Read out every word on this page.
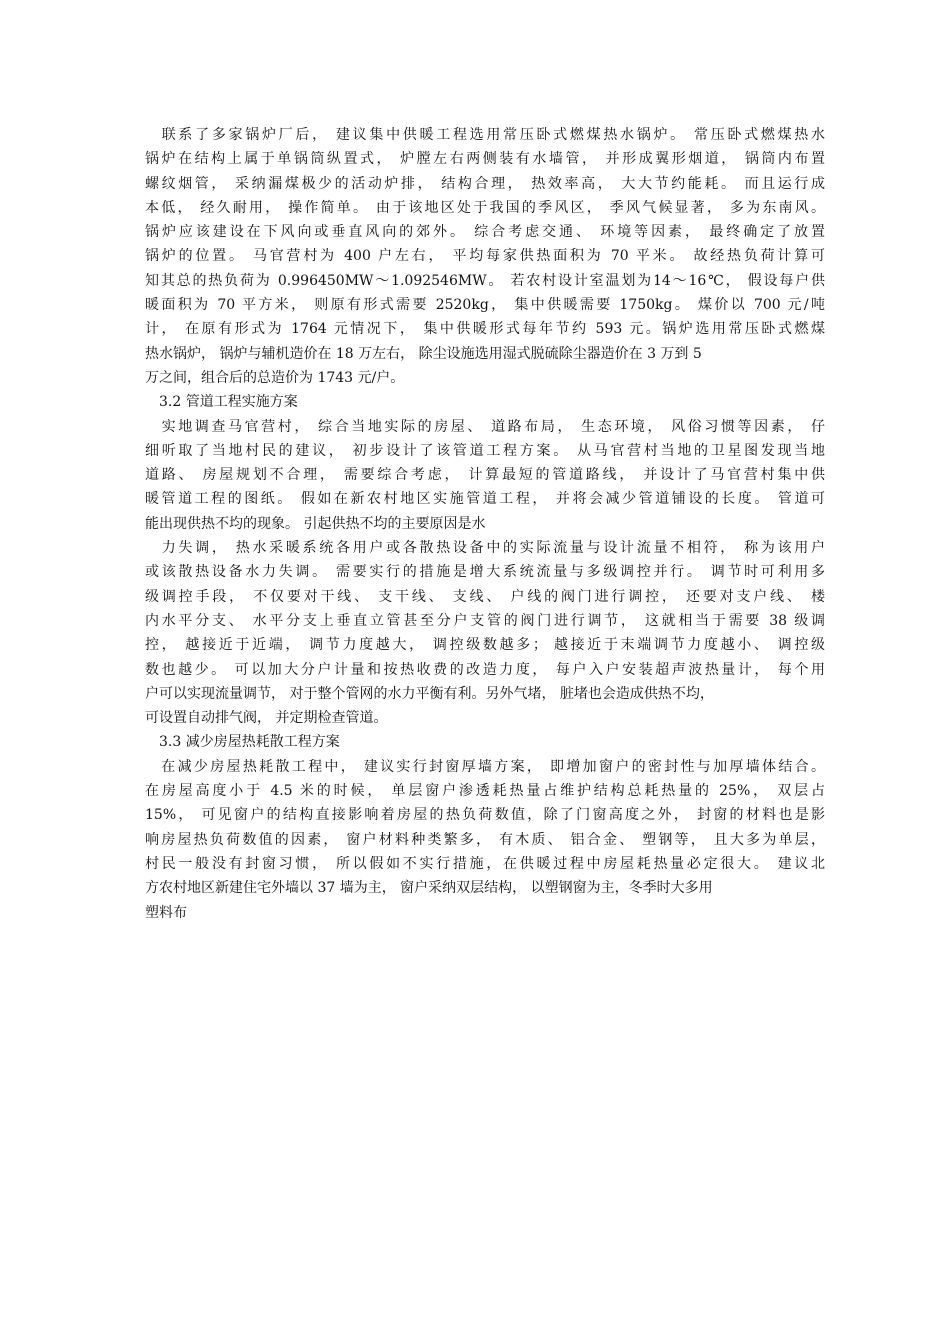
　联系了多家锅炉厂后， 建议集中供暖工程选用常压卧式燃煤热水锅炉。 常压卧式燃煤热水
锅炉在结构上属于单锅筒纵置式， 炉膛左右两侧装有水墙管， 并形成翼形烟道， 锅筒内布置
螺纹烟管， 采纳漏煤极少的活动炉排， 结构合理， 热效率高， 大大节约能耗。 而且运行成
本低， 经久耐用， 操作简单。 由于该地区处于我国的季风区， 季风气候显著， 多为东南风。
锅炉应该建设在下风向或垂直风向的郊外。 综合考虑交通、 环境等因素， 最终确定了放置
锅炉的位置。 马官营村为 400 户左右， 平均每家供热面积为 70 平米。 故经热负荷计算可
知其总的热负荷为 0.996450MW～1.092546MW。 若农村设计室温划为14～16℃， 假设每户供
暖面积为 70 平方米， 则原有形式需要 2520kg， 集中供暖需要 1750kg。 煤价以 700 元/吨
计， 在原有形式为 1764 元情况下， 集中供暖形式每年节约 593 元。锅炉选用常压卧式燃煤
热水锅炉， 锅炉与辅机造价在 18 万左右， 除尘设施选用湿式脱硫除尘器造价在 3 万到 5
万之间，组合后的总造价为 1743 元/户。
　3.2 管道工程实施方案
　实地调查马官营村， 综合当地实际的房屋、 道路布局， 生态环境， 风俗习惯等因素， 仔
细听取了当地村民的建议， 初步设计了该管道工程方案。 从马官营村当地的卫星图发现当地
道路、 房屋规划不合理， 需要综合考虑， 计算最短的管道路线， 并设计了马官营村集中供
暖管道工程的图纸。 假如在新农村地区实施管道工程， 并将会减少管道铺设的长度。 管道可
能出现供热不均的现象。 引起供热不均的主要原因是水
　力失调， 热水采暖系统各用户或各散热设备中的实际流量与设计流量不相符， 称为该用户
或该散热设备水力失调。 需要实行的措施是增大系统流量与多级调控并行。 调节时可利用多
级调控手段， 不仅要对干线、 支干线、 支线、 户线的阀门进行调控， 还要对支户线、 楼
内水平分支、 水平分支上垂直立管甚至分户支管的阀门进行调节， 这就相当于需要 38 级调
控， 越接近于近端， 调节力度越大， 调控级数越多； 越接近于末端调节力度越小、 调控级
数也越少。 可以加大分户计量和按热收费的改造力度， 每户入户安装超声波热量计， 每个用
户可以实现流量调节， 对于整个管网的水力平衡有利。另外气堵， 脏堵也会造成供热不均，
可设置自动排气阀， 并定期检查管道。
　3.3 减少房屋热耗散工程方案
　在减少房屋热耗散工程中， 建议实行封窗厚墙方案， 即增加窗户的密封性与加厚墙体结合。
在房屋高度小于 4.5 米的时候， 单层窗户渗透耗热量占维护结构总耗热量的 25%， 双层占
15%， 可见窗户的结构直接影响着房屋的热负荷数值，除了门窗高度之外， 封窗的材料也是影
响房屋热负荷数值的因素， 窗户材料种类繁多， 有木质、 铝合金、 塑钢等， 且大多为单层，
村民一般没有封窗习惯， 所以假如不实行措施，在供暖过程中房屋耗热量必定很大。 建议北
方农村地区新建住宅外墙以 37 墙为主， 窗户采纳双层结构， 以塑钢窗为主，冬季时大多用
塑料布
